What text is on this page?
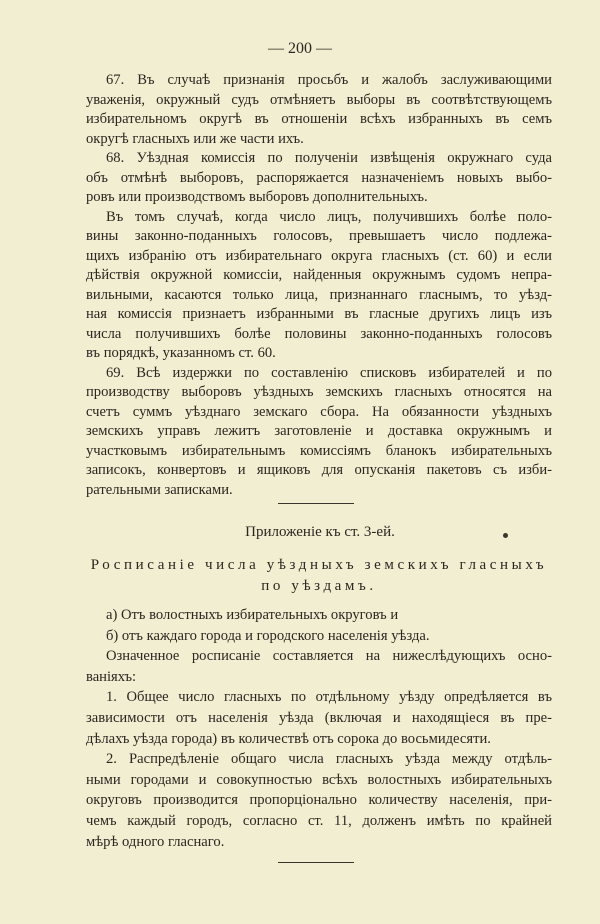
— 200 —
67. Въ случаѣ признанія просьбъ и жалобъ заслуживающими
уваженія, окружный судъ отмѣняетъ выборы въ соотвѣтствующемъ
избирательномъ округѣ въ отношеніи всѣхъ избранныхъ въ семъ
округѣ гласныхъ или же части ихъ.
68. Уѣздная комиссія по полученіи извѣщенія окружнаго суда
объ отмѣнѣ выборовъ, распоряжается назначеніемъ новыхъ выбо-
ровъ или производствомъ выборовъ дополнительныхъ.
Въ томъ случаѣ, когда число лицъ, получившихъ болѣе поло-
вины законно-поданныхъ голосовъ, превышаетъ число подлежа-
щихъ избранію отъ избирательнаго округа гласныхъ (ст. 60) и если
дѣйствія окружной комиссіи, найденныя окружнымъ судомъ непра-
вильными, касаются только лица, признаннаго гласнымъ, то уѣзд-
ная комиссія признаетъ избранными въ гласные другихъ лицъ изъ
числа получившихъ болѣе половины законно-поданныхъ голосовъ
въ порядкѣ, указанномъ ст. 60.
69. Всѣ издержки по составленію списковъ избирателей и по
производству выборовъ уѣздныхъ земскихъ гласныхъ относятся на
счетъ суммъ уѣзднаго земскаго сбора. На обязанности уѣздныхъ
земскихъ управъ лежитъ заготовленіе и доставка окружнымъ и
участковымъ избирательнымъ комиссіямъ бланокъ избирательныхъ
записокъ, конвертовъ и ящиковъ для опусканія пакетовъ съ изби-
рательными записками.
Приложеніе къ ст. 3-ей.
Росписаніе числа уѣздныхъ земскихъ гласныхъ
по уѣздамъ.
а) Отъ волостныхъ избирательныхъ округовъ и
б) отъ каждаго города и городского населенія уѣзда.
Означенное росписаніе составляется на нижеслѣдующихъ осно-
ваніяхъ:
1. Общее число гласныхъ по отдѣльному уѣзду опредѣляется въ
зависимости отъ населенія уѣзда (включая и находящіеся въ пре-
дѣлахъ уѣзда города) въ количествѣ отъ сорока до восьмидесяти.
2. Распредѣленіе общаго числа гласныхъ уѣзда между отдѣль-
ными городами и совокупностью всѣхъ волостныхъ избирательныхъ
округовъ производится пропорціонально количеству населенія, при-
чемъ каждый городъ, согласно ст. 11, долженъ имѣть по крайней
мѣрѣ одного гласнаго.
